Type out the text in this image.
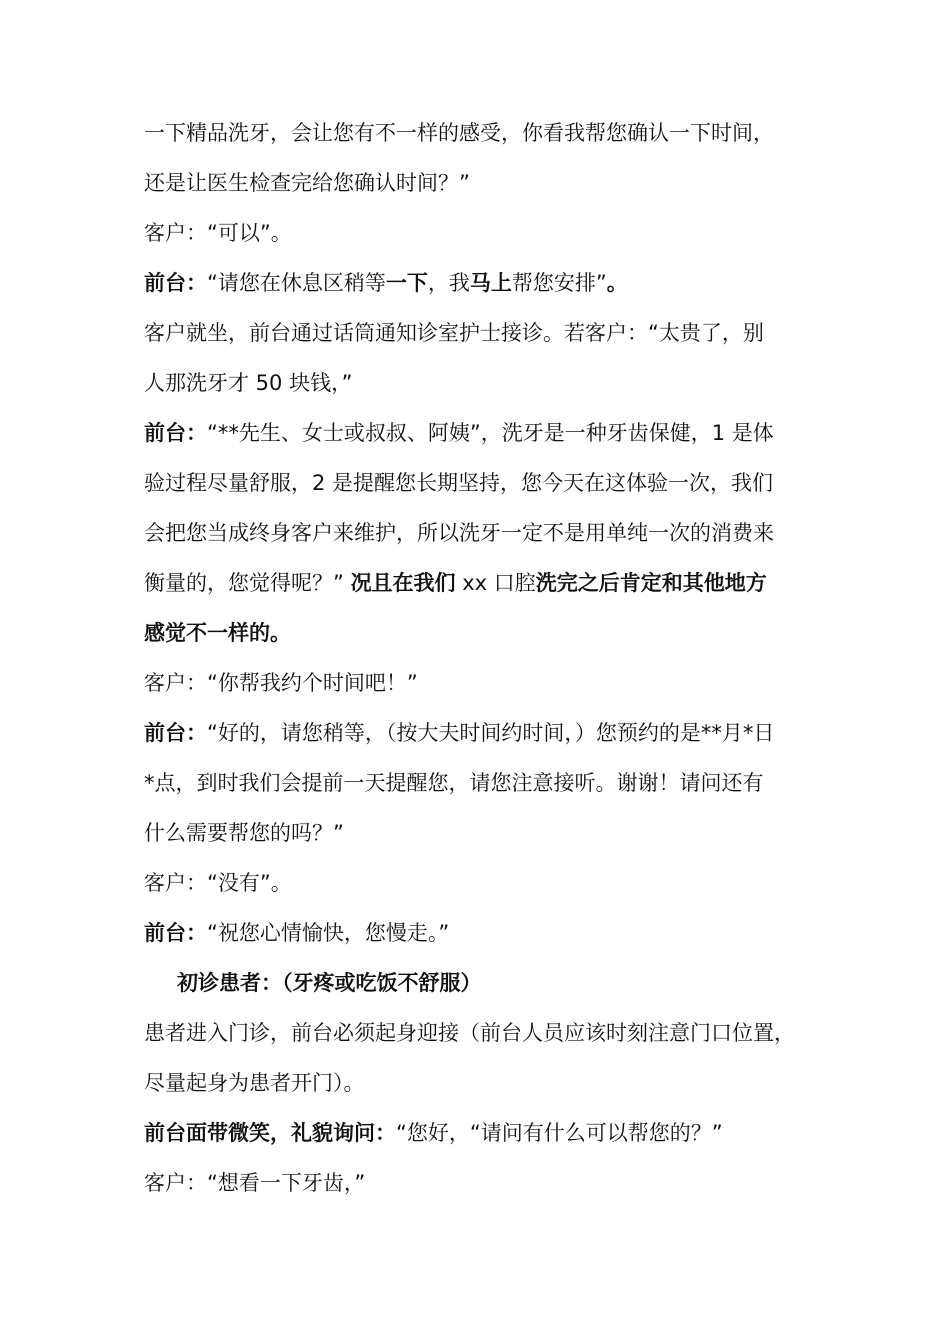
一下精品洗牙，会让您有不一样的感受，你看我帮您确认一下时间，
还是让医生检查完给您确认时间？”
客户：“可以”。
前台：“请您在休息区稍等一下，我马上帮您安排”。
客户就坐，前台通过话筒通知诊室护士接诊。若客户：“太贵了，别
人那洗牙才 50 块钱，”
前台：“**先生、女士或叔叔、阿姨”，洗牙是一种牙齿保健，1 是体
验过程尽量舒服，2 是提醒您长期坚持，您今天在这体验一次，我们
会把您当成终身客户来维护，所以洗牙一定不是用单纯一次的消费来
衡量的，您觉得呢？” 况且在我们 xx 口腔洗完之后肯定和其他地方
感觉不一样的。
客户：“你帮我约个时间吧！”
前台：“好的，请您稍等，（按大夫时间约时间，）您预约的是**月*日
*点，到时我们会提前一天提醒您，请您注意接听。谢谢！请问还有
什么需要帮您的吗？”
客户：“没有”。
前台：“祝您心情愉快，您慢走。”
初诊患者：（牙疼或吃饭不舒服）
患者进入门诊，前台必须起身迎接（前台人员应该时刻注意门口位置，
尽量起身为患者开门）。
前台面带微笑，礼貌询问：“您好，“请问有什么可以帮您的？”
客户：“想看一下牙齿，”
